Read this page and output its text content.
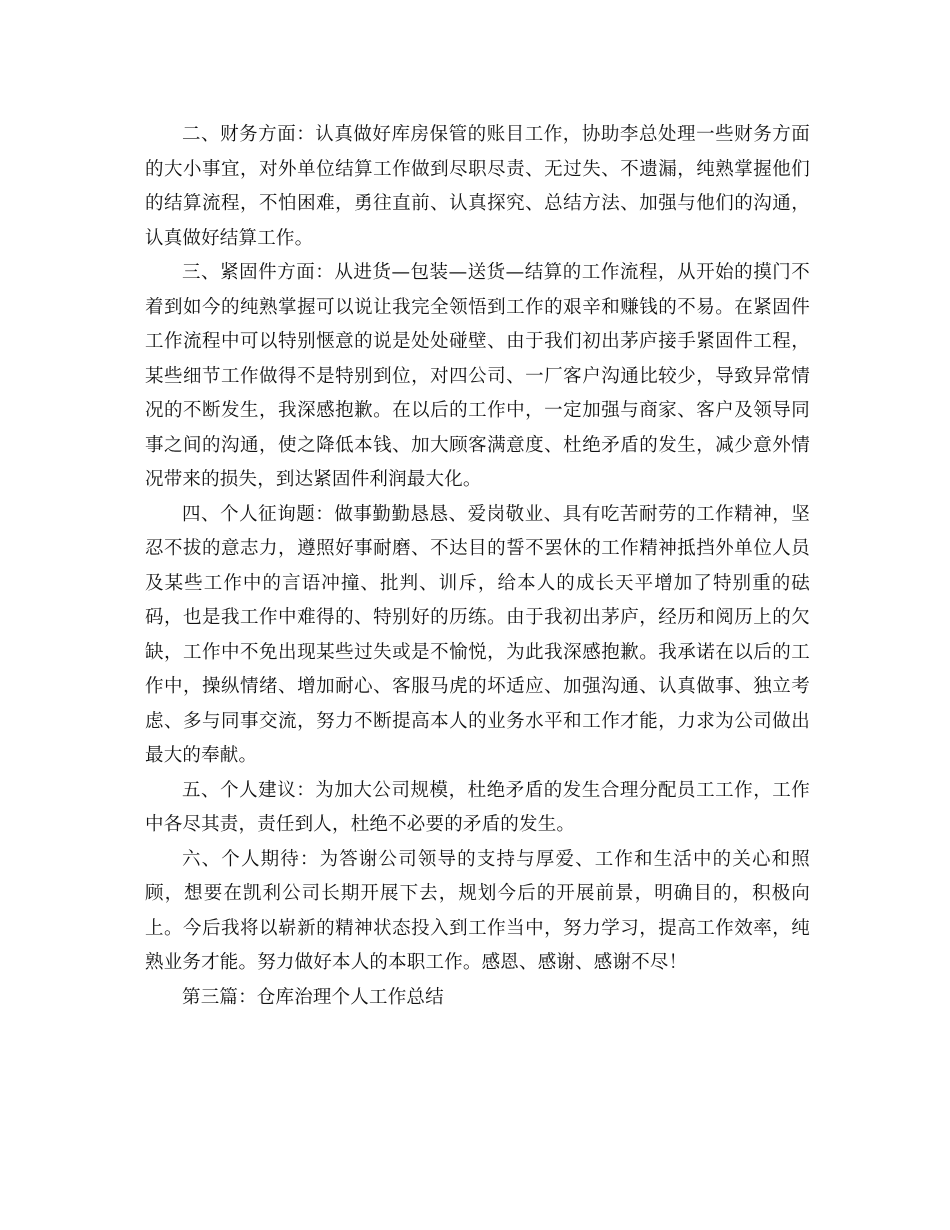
二、财务方面：认真做好库房保管的账目工作，协助李总处理一些财务方面的大小事宜，对外单位结算工作做到尽职尽责、无过失、不遗漏，纯熟掌握他们的结算流程，不怕困难，勇往直前、认真探究、总结方法、加强与他们的沟通，认真做好结算工作。

三、紧固件方面：从进货—包装—送货—结算的工作流程，从开始的摸门不着到如今的纯熟掌握可以说让我完全领悟到工作的艰辛和赚钱的不易。在紧固件工作流程中可以特别惬意的说是处处碰壁、由于我们初出茅庐接手紧固件工程，某些细节工作做得不是特别到位，对四公司、一厂客户沟通比较少，导致异常情况的不断发生，我深感抱歉。在以后的工作中，一定加强与商家、客户及领导同事之间的沟通，使之降低本钱、加大顾客满意度、杜绝矛盾的发生，减少意外情况带来的损失，到达紧固件利润最大化。

四、个人征询题：做事勤勤恳恳、爱岗敬业、具有吃苦耐劳的工作精神，坚忍不拔的意志力，遵照好事耐磨、不达目的誓不罢休的工作精神抵挡外单位人员及某些工作中的言语冲撞、批判、训斥，给本人的成长天平增加了特别重的砝码，也是我工作中难得的、特别好的历练。由于我初出茅庐，经历和阅历上的欠缺，工作中不免出现某些过失或是不愉悦，为此我深感抱歉。我承诺在以后的工作中，操纵情绪、增加耐心、客服马虎的坏适应、加强沟通、认真做事、独立考虑、多与同事交流，努力不断提高本人的业务水平和工作才能，力求为公司做出最大的奉献。

五、个人建议：为加大公司规模，杜绝矛盾的发生合理分配员工工作，工作中各尽其责，责任到人，杜绝不必要的矛盾的发生。

六、个人期待：为答谢公司领导的支持与厚爱、工作和生活中的关心和照顾，想要在凯利公司长期开展下去，规划今后的开展前景，明确目的，积极向上。今后我将以崭新的精神状态投入到工作当中，努力学习，提高工作效率，纯熟业务才能。努力做好本人的本职工作。感恩、感谢、感谢不尽！

第三篇：仓库治理个人工作总结
